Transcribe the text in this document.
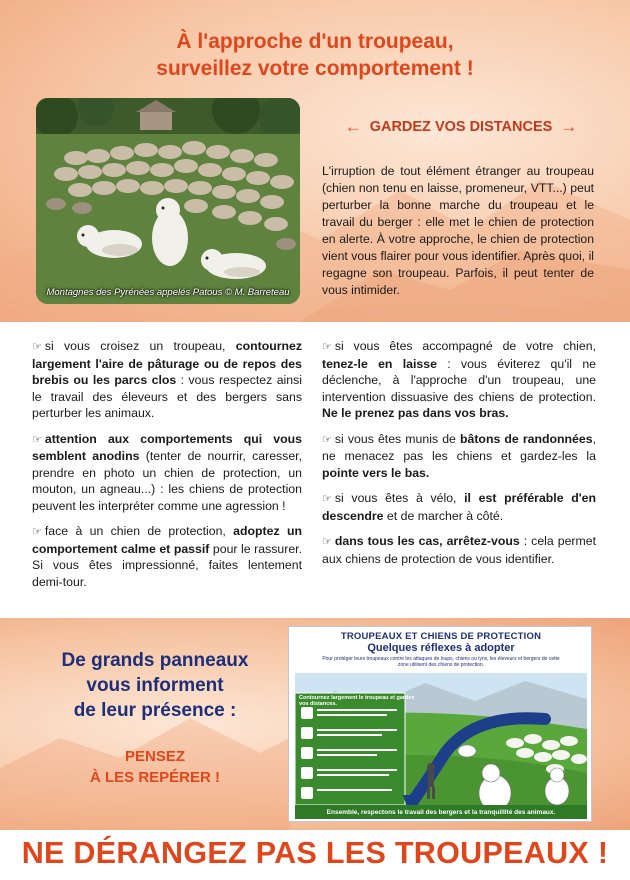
À l'approche d'un troupeau,
surveillez votre comportement !
Montagnes des Pyrénées appelés Patous © M. Barreteau
← GARDEZ VOS DISTANCES →

L'irruption de tout élément étranger au troupeau (chien non tenu en laisse, promeneur, VTT...) peut perturber la bonne marche du troupeau et le travail du berger : elle met le chien de protection en alerte. À votre approche, le chien de protection vient vous flairer pour vous identifier. Après quoi, il regagne son troupeau. Parfois, il peut tenter de vous intimider.

☞ si vous croisez un troupeau, contournez largement l'aire de pâturage ou de repos des brebis ou les parcs clos : vous respectez ainsi le travail des éleveurs et des bergers sans perturber les animaux.

☞ attention aux comportements qui vous semblent anodins (tenter de nourrir, caresser, prendre en photo un chien de protection, un mouton, un agneau...) : les chiens de protection peuvent les interpréter comme une agression !

☞ face à un chien de protection, adoptez un comportement calme et passif pour le rassurer. Si vous êtes impressionné, faites lentement demi-tour.

☞ si vous êtes accompagné de votre chien, tenez-le en laisse : vous éviterez qu'il ne déclenche, à l'approche d'un troupeau, une intervention dissuasive des chiens de protection. Ne le prenez pas dans vos bras.

☞ si vous êtes munis de bâtons de randonnées, ne menacez pas les chiens et gardez-les la pointe vers le bas.

☞ si vous êtes à vélo, il est préférable d'en descendre et de marcher à côté.

☞ dans tous les cas, arrêtez-vous : cela permet aux chiens de protection de vous identifier.

De grands panneaux
vous informent
de leur présence :
PENSEZ
À LES REPÉRER !
TROUPEAUX ET CHIENS DE PROTECTION
Quelques réflexes à adopter
Pour protéger leurs troupeaux contre les attaques de loups, chiens ou lynx, les éleveurs et bergers de cette zone utilisent des chiens de protection.
Contournez largement le troupeau et gardez vos distances.
Ensemble, respectons le travail des bergers et la tranquillité des animaux.
NE DÉRANGEZ PAS LES TROUPEAUX !
